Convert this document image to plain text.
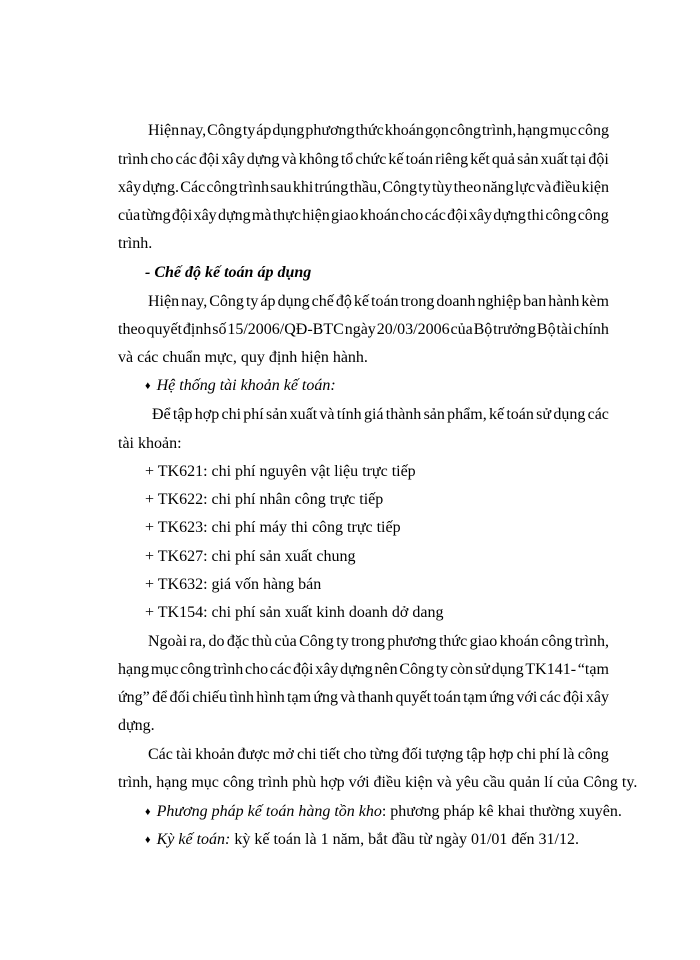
Hiện nay, Công ty áp dụng phương thức khoán gọn công trình, hạng mục công
trình cho các đội xây dựng và không tổ chức kế toán riêng kết quả sản xuất tại đội
xây dựng. Các công trình sau khi trúng thầu, Công ty tùy theo năng lực và điều kiện
của từng đội xây dựng mà thực hiện giao khoán cho các đội xây dựng thi công công
trình.
- Chế độ kế toán áp dụng
Hiện nay, Công ty áp dụng chế độ kế toán trong doanh nghiệp ban hành kèm
theo quyết định số 15/2006/QĐ-BTC ngày 20/03/2006 của Bộ trưởng Bộ tài chính
và các chuẩn mực, quy định hiện hành.
♦ Hệ thống tài khoản kế toán:
Để tập hợp chi phí sản xuất và tính giá thành sản phẩm, kế toán sử dụng các
tài khoản:
+ TK621: chi phí nguyên vật liệu trực tiếp
+ TK622: chi phí nhân công trực tiếp
+ TK623: chi phí máy thi công trực tiếp
+ TK627: chi phí sản xuất chung
+ TK632: giá vốn hàng bán
+ TK154: chi phí sản xuất kinh doanh dở dang
Ngoài ra, do đặc thù của Công ty trong phương thức giao khoán công trình,
hạng mục công trình cho các đội xây dựng nên Công ty còn sử dụng TK141- “tạm
ứng” để đối chiếu tình hình tạm ứng và thanh quyết toán tạm ứng với các đội xây
dựng.
Các tài khoản được mở chi tiết cho từng đối tượng tập hợp chi phí là công
trình, hạng mục công trình phù hợp với điều kiện và yêu cầu quản lí của Công ty.
♦ Phương pháp kế toán hàng tồn kho: phương pháp kê khai thường xuyên.
♦ Kỳ kế toán: kỳ kế toán là 1 năm, bắt đầu từ ngày 01/01 đến 31/12.
